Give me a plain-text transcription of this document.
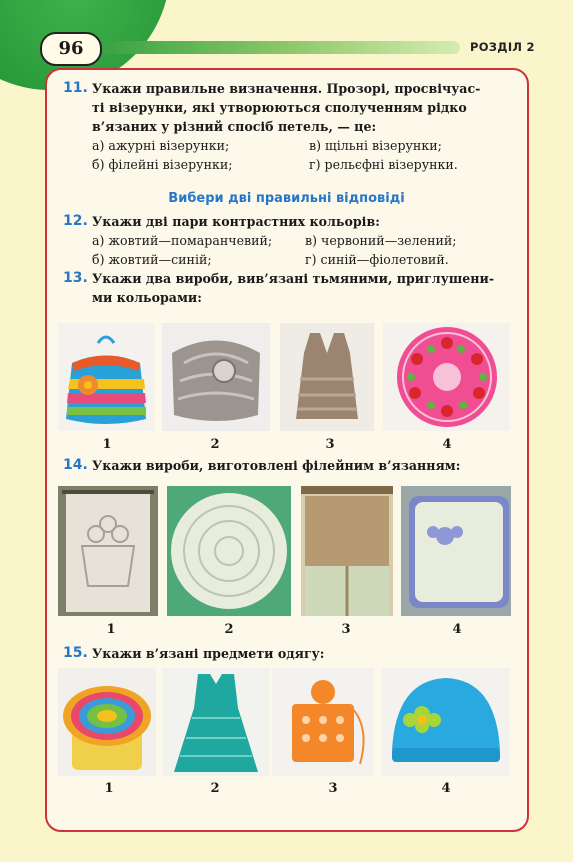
96	РОЗДІЛ 2
11. Укажи правильне визначення. Прозорі, просвічуас-
ті візерунки, які утворюються сполученням рідко
в’язаних у різний спосіб петель, — це:
а) ажурні візерунки;	в) щільні візерунки;
б) філейні візерунки;	г) рельєфні візерунки.
Вибери дві правильні відповіді
12. Укажи дві пари контрастних кольорів:
а) жовтий—помаранчевий;	в) червоний—зелений;
б) жовтий—синій;	г) синій—фіолетовий.
13. Укажи два вироби, вив’язані тьмяними, приглушени-
ми кольорами:
1	2	3	4
14. Укажи вироби, виготовлені філейним в’язанням:
1	2	3	4
15. Укажи в’язані предмети одягу:
1	2	3	4
